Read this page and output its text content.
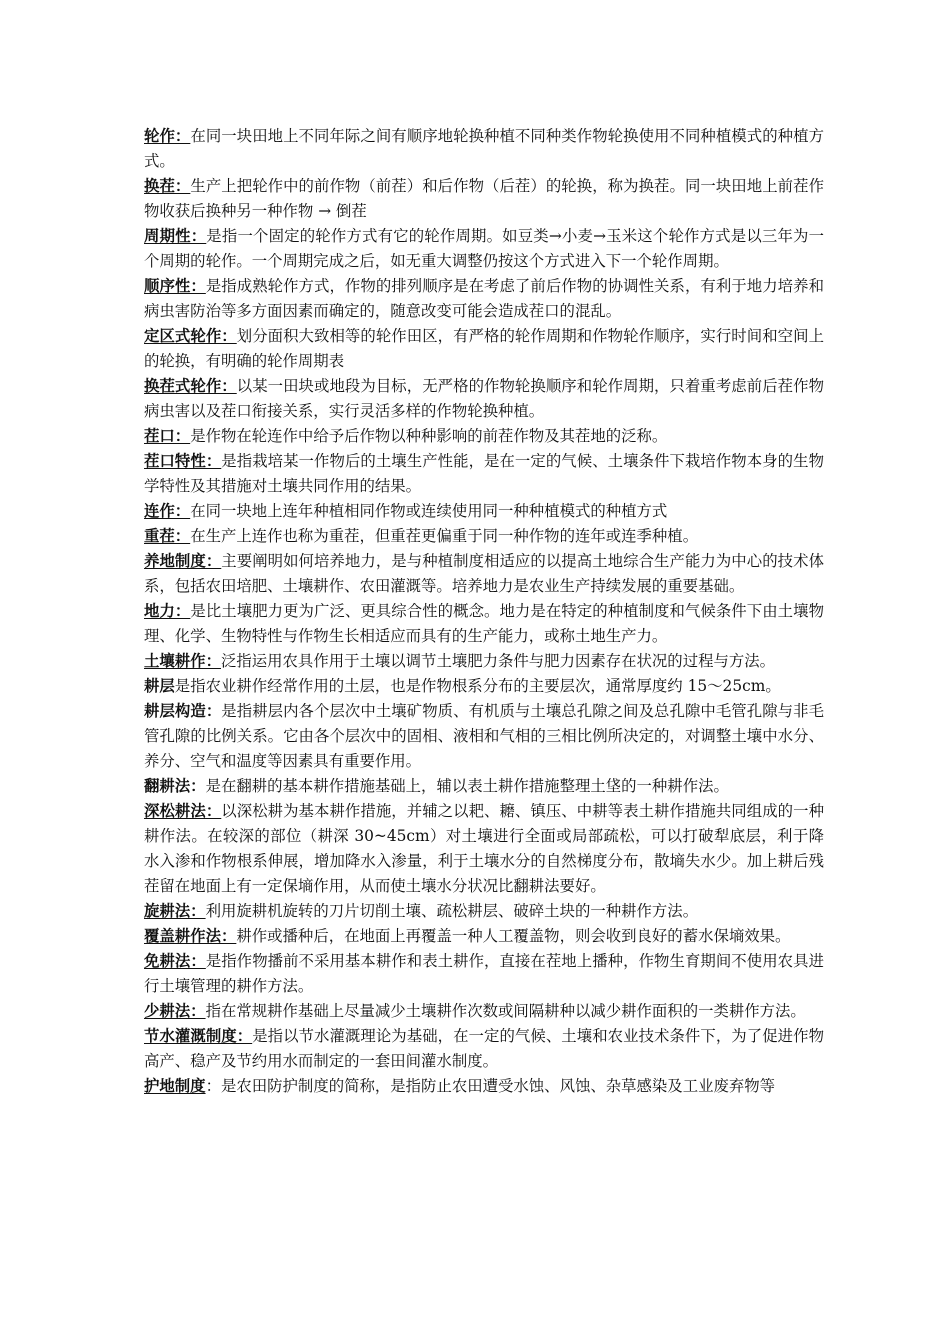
轮作：在同一块田地上不同年际之间有顺序地轮换种植不同种类作物轮换使用不同种植模式的种植方式。

换茬：生产上把轮作中的前作物（前茬）和后作物（后茬）的轮换，称为换茬。同一块田地上前茬作物收获后换种另一种作物 → 倒茬

周期性：是指一个固定的轮作方式有它的轮作周期。如豆类→小麦→玉米这个轮作方式是以三年为一个周期的轮作。一个周期完成之后，如无重大调整仍按这个方式进入下一个轮作周期。

顺序性：是指成熟轮作方式，作物的排列顺序是在考虑了前后作物的协调性关系，有利于地力培养和病虫害防治等多方面因素而确定的，随意改变可能会造成茬口的混乱。

定区式轮作：划分面积大致相等的轮作田区，有严格的轮作周期和作物轮作顺序，实行时间和空间上的轮换，有明确的轮作周期表

换茬式轮作：以某一田块或地段为目标，无严格的作物轮换顺序和轮作周期，只着重考虑前后茬作物病虫害以及茬口衔接关系，实行灵活多样的作物轮换种植。

茬口：是作物在轮连作中给予后作物以种种影响的前茬作物及其茬地的泛称。

茬口特性：是指栽培某一作物后的土壤生产性能，是在一定的气候、土壤条件下栽培作物本身的生物学特性及其措施对土壤共同作用的结果。

连作：在同一块地上连年种植相同作物或连续使用同一种种植模式的种植方式

重茬：在生产上连作也称为重茬，但重茬更偏重于同一种作物的连年或连季种植。

养地制度：主要阐明如何培养地力，是与种植制度相适应的以提高土地综合生产能力为中心的技术体系，包括农田培肥、土壤耕作、农田灌溉等。培养地力是农业生产持续发展的重要基础。

地力：是比土壤肥力更为广泛、更具综合性的概念。地力是在特定的种植制度和气候条件下由土壤物理、化学、生物特性与作物生长相适应而具有的生产能力，或称土地生产力。

土壤耕作：泛指运用农具作用于土壤以调节土壤肥力条件与肥力因素存在状况的过程与方法。

耕层是指农业耕作经常作用的土层，也是作物根系分布的主要层次，通常厚度约 15～25cm。

耕层构造：是指耕层内各个层次中土壤矿物质、有机质与土壤总孔隙之间及总孔隙中毛管孔隙与非毛管孔隙的比例关系。它由各个层次中的固相、液相和气相的三相比例所决定的，对调整土壤中水分、养分、空气和温度等因素具有重要作用。

翻耕法：是在翻耕的基本耕作措施基础上，辅以表土耕作措施整理土垡的一种耕作法。

深松耕法：以深松耕为基本耕作措施，并辅之以耙、耱、镇压、中耕等表土耕作措施共同组成的一种耕作法。在较深的部位（耕深 30~45cm）对土壤进行全面或局部疏松，可以打破犁底层，利于降水入渗和作物根系伸展，增加降水入渗量，利于土壤水分的自然梯度分布，散墒失水少。加上耕后残茬留在地面上有一定保墒作用，从而使土壤水分状况比翻耕法要好。

旋耕法：利用旋耕机旋转的刀片切削土壤、疏松耕层、破碎土块的一种耕作方法。

覆盖耕作法：耕作或播种后，在地面上再覆盖一种人工覆盖物，则会收到良好的蓄水保墒效果。

免耕法：是指作物播前不采用基本耕作和表土耕作，直接在茬地上播种，作物生育期间不使用农具进行土壤管理的耕作方法。

少耕法：指在常规耕作基础上尽量减少土壤耕作次数或间隔耕种以减少耕作面积的一类耕作方法。

节水灌溉制度：是指以节水灌溉理论为基础，在一定的气候、土壤和农业技术条件下，为了促进作物高产、稳产及节约用水而制定的一套田间灌水制度。

护地制度：是农田防护制度的简称，是指防止农田遭受水蚀、风蚀、杂草感染及工业废弃物等
